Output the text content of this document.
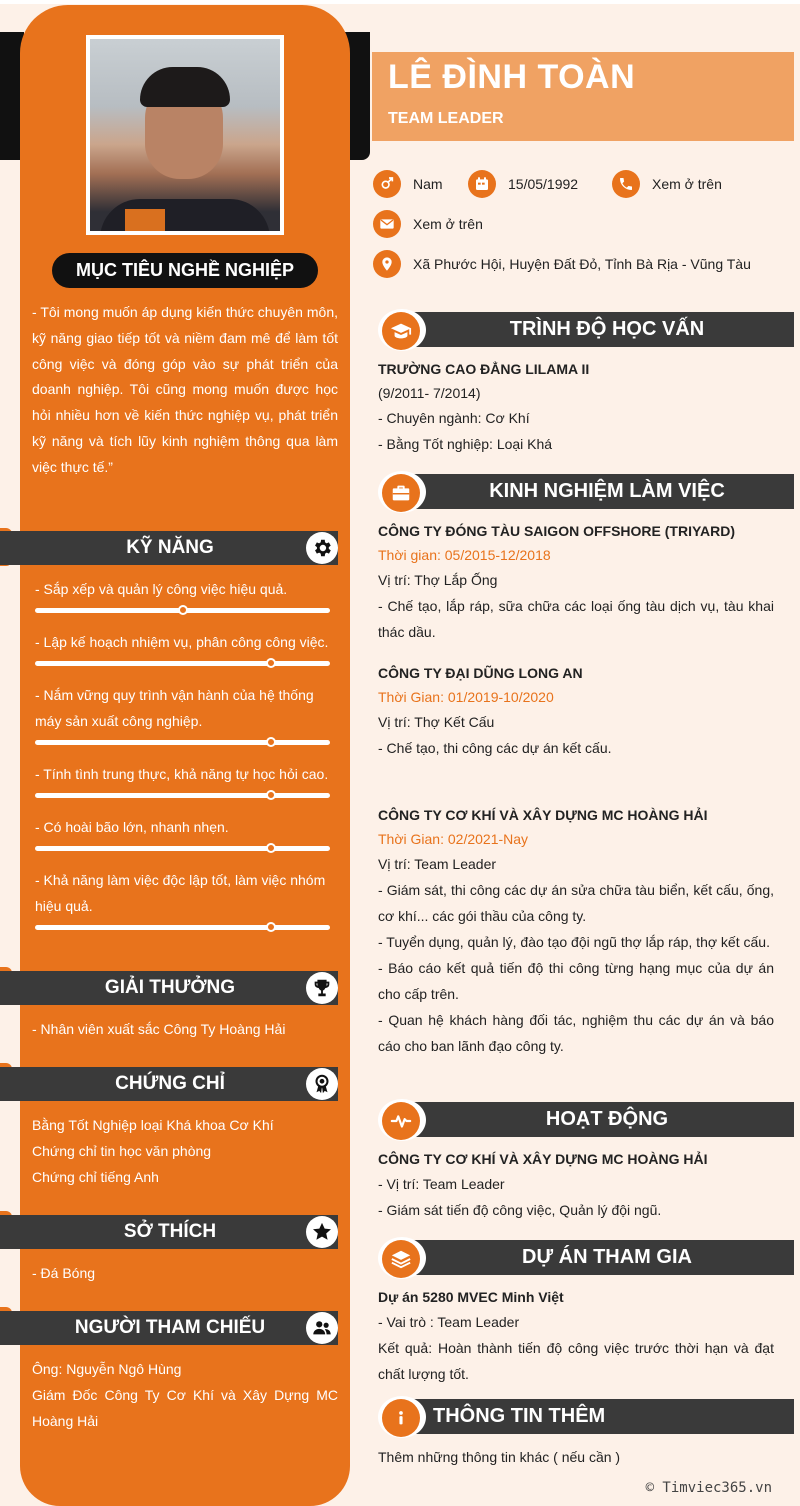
MỤC TIÊU NGHỀ NGHIỆP
- Tôi mong muốn áp dụng kiến thức chuyên môn, kỹ năng giao tiếp tốt và niềm đam mê để làm tốt công việc và đóng góp vào sự phát triển của doanh nghiệp. Tôi cũng mong muốn được học hỏi nhiều hơn về kiến thức nghiệp vụ, phát triển kỹ năng và tích lũy kinh nghiệm thông qua làm việc thực tế.”
KỸ NĂNG
- Sắp xếp và quản lý công việc hiệu quả.
- Lập kế hoạch nhiệm vụ, phân công công việc.
- Nắm vững quy trình vận hành của hệ thống máy sản xuất công nghiệp.
- Tính tình trung thực, khả năng tự học hỏi cao.
- Có hoài bão lớn, nhanh nhẹn.
- Khả năng làm việc độc lập tốt, làm việc nhóm hiệu quả.
GIẢI THƯỞNG
- Nhân viên xuất sắc Công Ty Hoàng Hải
CHỨNG CHỈ
Bằng Tốt Nghiệp loại Khá khoa Cơ Khí
Chứng chỉ tin học văn phòng
Chứng chỉ tiếng Anh
SỞ THÍCH
- Đá Bóng
NGƯỜI THAM CHIẾU
Ông: Nguyễn Ngô Hùng
Giám Đốc Công Ty Cơ Khí và Xây Dựng MC Hoàng Hải
LÊ ĐÌNH TOÀN
TEAM LEADER
Nam	15/05/1992	Xem ở trên
Xem ở trên
Xã Phước Hội, Huyện Đất Đỏ, Tỉnh Bà Rịa - Vũng Tàu
TRÌNH ĐỘ HỌC VẤN
TRƯỜNG CAO ĐẲNG LILAMA II
(9/2011- 7/2014)
- Chuyên ngành: Cơ Khí
- Bằng Tốt nghiệp: Loại Khá
KINH NGHIỆM LÀM VIỆC
CÔNG TY ĐÓNG TÀU SAIGON OFFSHORE (TRIYARD)
Thời gian: 05/2015-12/2018
Vị trí: Thợ Lắp Ống
- Chế tạo, lắp ráp, sữa chữa các loại ống tàu dịch vụ, tàu khai thác dầu.
CÔNG TY ĐẠI DŨNG LONG AN
Thời Gian: 01/2019-10/2020
Vị trí: Thợ Kết Cấu
- Chế tạo, thi công các dự án kết cấu.
CÔNG TY CƠ KHÍ VÀ XÂY DỰNG MC HOÀNG HẢI
Thời Gian: 02/2021-Nay
Vị trí: Team Leader
- Giám sát, thi công các dự án sửa chữa tàu biển, kết cấu, ống, cơ khí... các gói thầu của công ty.
- Tuyển dụng, quản lý, đào tạo đội ngũ thợ lắp ráp, thợ kết cấu.
- Báo cáo kết quả tiến độ thi công từng hạng mục của dự án cho cấp trên.
- Quan hệ khách hàng đối tác, nghiệm thu các dự án và báo cáo cho ban lãnh đạo công ty.
HOẠT ĐỘNG
CÔNG TY CƠ KHÍ VÀ XÂY DỰNG MC HOÀNG HẢI
- Vị trí: Team Leader
- Giám sát tiến độ công việc, Quản lý đội ngũ.
DỰ ÁN THAM GIA
Dự án 5280 MVEC Minh Việt
- Vai trò : Team Leader
Kết quả: Hoàn thành tiến độ công việc trước thời hạn và đạt chất lượng tốt.
THÔNG TIN THÊM
Thêm những thông tin khác ( nếu cần )
© Timviec365.vn
